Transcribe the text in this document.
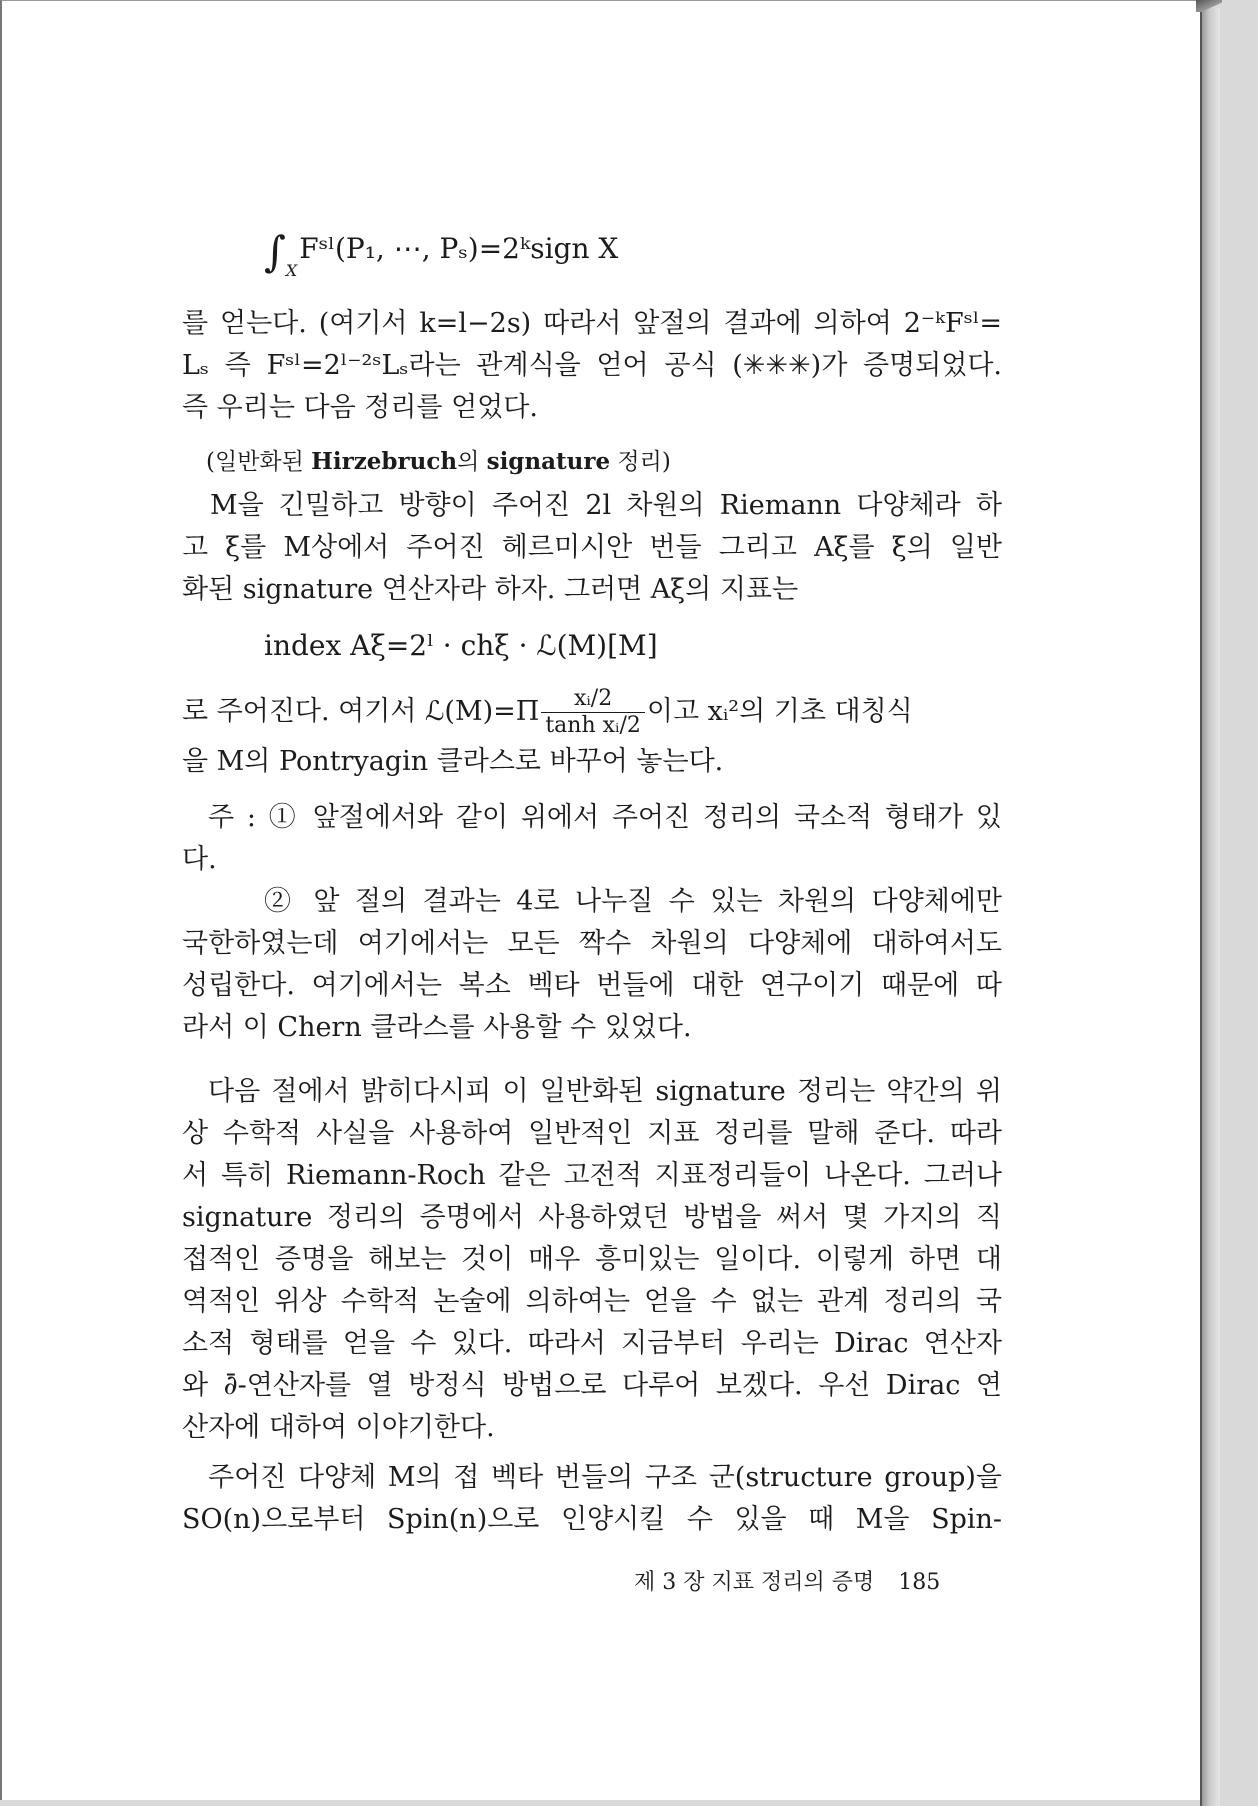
$\int_XFˢˡ(P_1$, ⋯, Pₛ)=2ᵏsign X
를 얻는다. (여기서 k=l−2s) 따라서 앞절의 결과에 의하여 2⁻ᵏFˢˡ=
Lₛ 즉 Fˢˡ=2ˡ⁻²ˢLₛ라는 관계식을 얻어 공식 (✳✳✳)가 증명되었다.
즉 우리는 다음 정리를 얻었다.
(일반화된 Hirzebruch의 signature 정리)
M을 긴밀하고 방향이 주어진 2l 차원의 Riemann 다양체라 하
고 ξ를 M상에서 주어진 헤르미시안 번들 그리고 Aξ를 ξ의 일반
화된 signature 연산자라 하자. 그러면 Aξ의 지표는
index Aξ=2ˡ · chξ · ℒ(M)[M]
로 주어진다. 여기서 ℒ(M)=Π $\frac{\text{xᵢ/2}}{\text{tanh xᵢ/2}}$ 이고 xᵢ²의 기초 대칭식
을 M의 Pontryagin 클라스로 바꾸어 놓는다.
주 : ① 앞절에서와 같이 위에서 주어진 정리의 국소적 형태가 있
다.
② 앞 절의 결과는 4로 나누질 수 있는 차원의 다양체에만
국한하였는데 여기에서는 모든 짝수 차원의 다양체에 대하여서도
성립한다. 여기에서는 복소 벡타 번들에 대한 연구이기 때문에 따
라서 이 Chern 클라스를 사용할 수 있었다.
다음 절에서 밝히다시피 이 일반화된 signature 정리는 약간의 위
상 수학적 사실을 사용하여 일반적인 지표 정리를 말해 준다. 따라
서 특히 Riemann-Roch 같은 고전적 지표정리들이 나온다. 그러나
signature 정리의 증명에서 사용하였던 방법을 써서 몇 가지의 직
접적인 증명을 해보는 것이 매우 흥미있는 일이다. 이렇게 하면 대
역적인 위상 수학적 논술에 의하여는 얻을 수 없는 관계 정리의 국
소적 형태를 얻을 수 있다. 따라서 지금부터 우리는 Dirac 연산자
와 ∂̄-연산자를 열 방정식 방법으로 다루어 보겠다. 우선 Dirac 연
산자에 대하여 이야기한다.
주어진 다양체 M의 접 벡타 번들의 구조 군(structure group)을
SO(n)으로부터 Spin(n)으로 인양시킬 수 있을 때 M을 Spin-
제 3 장 지표 정리의 증명 185
